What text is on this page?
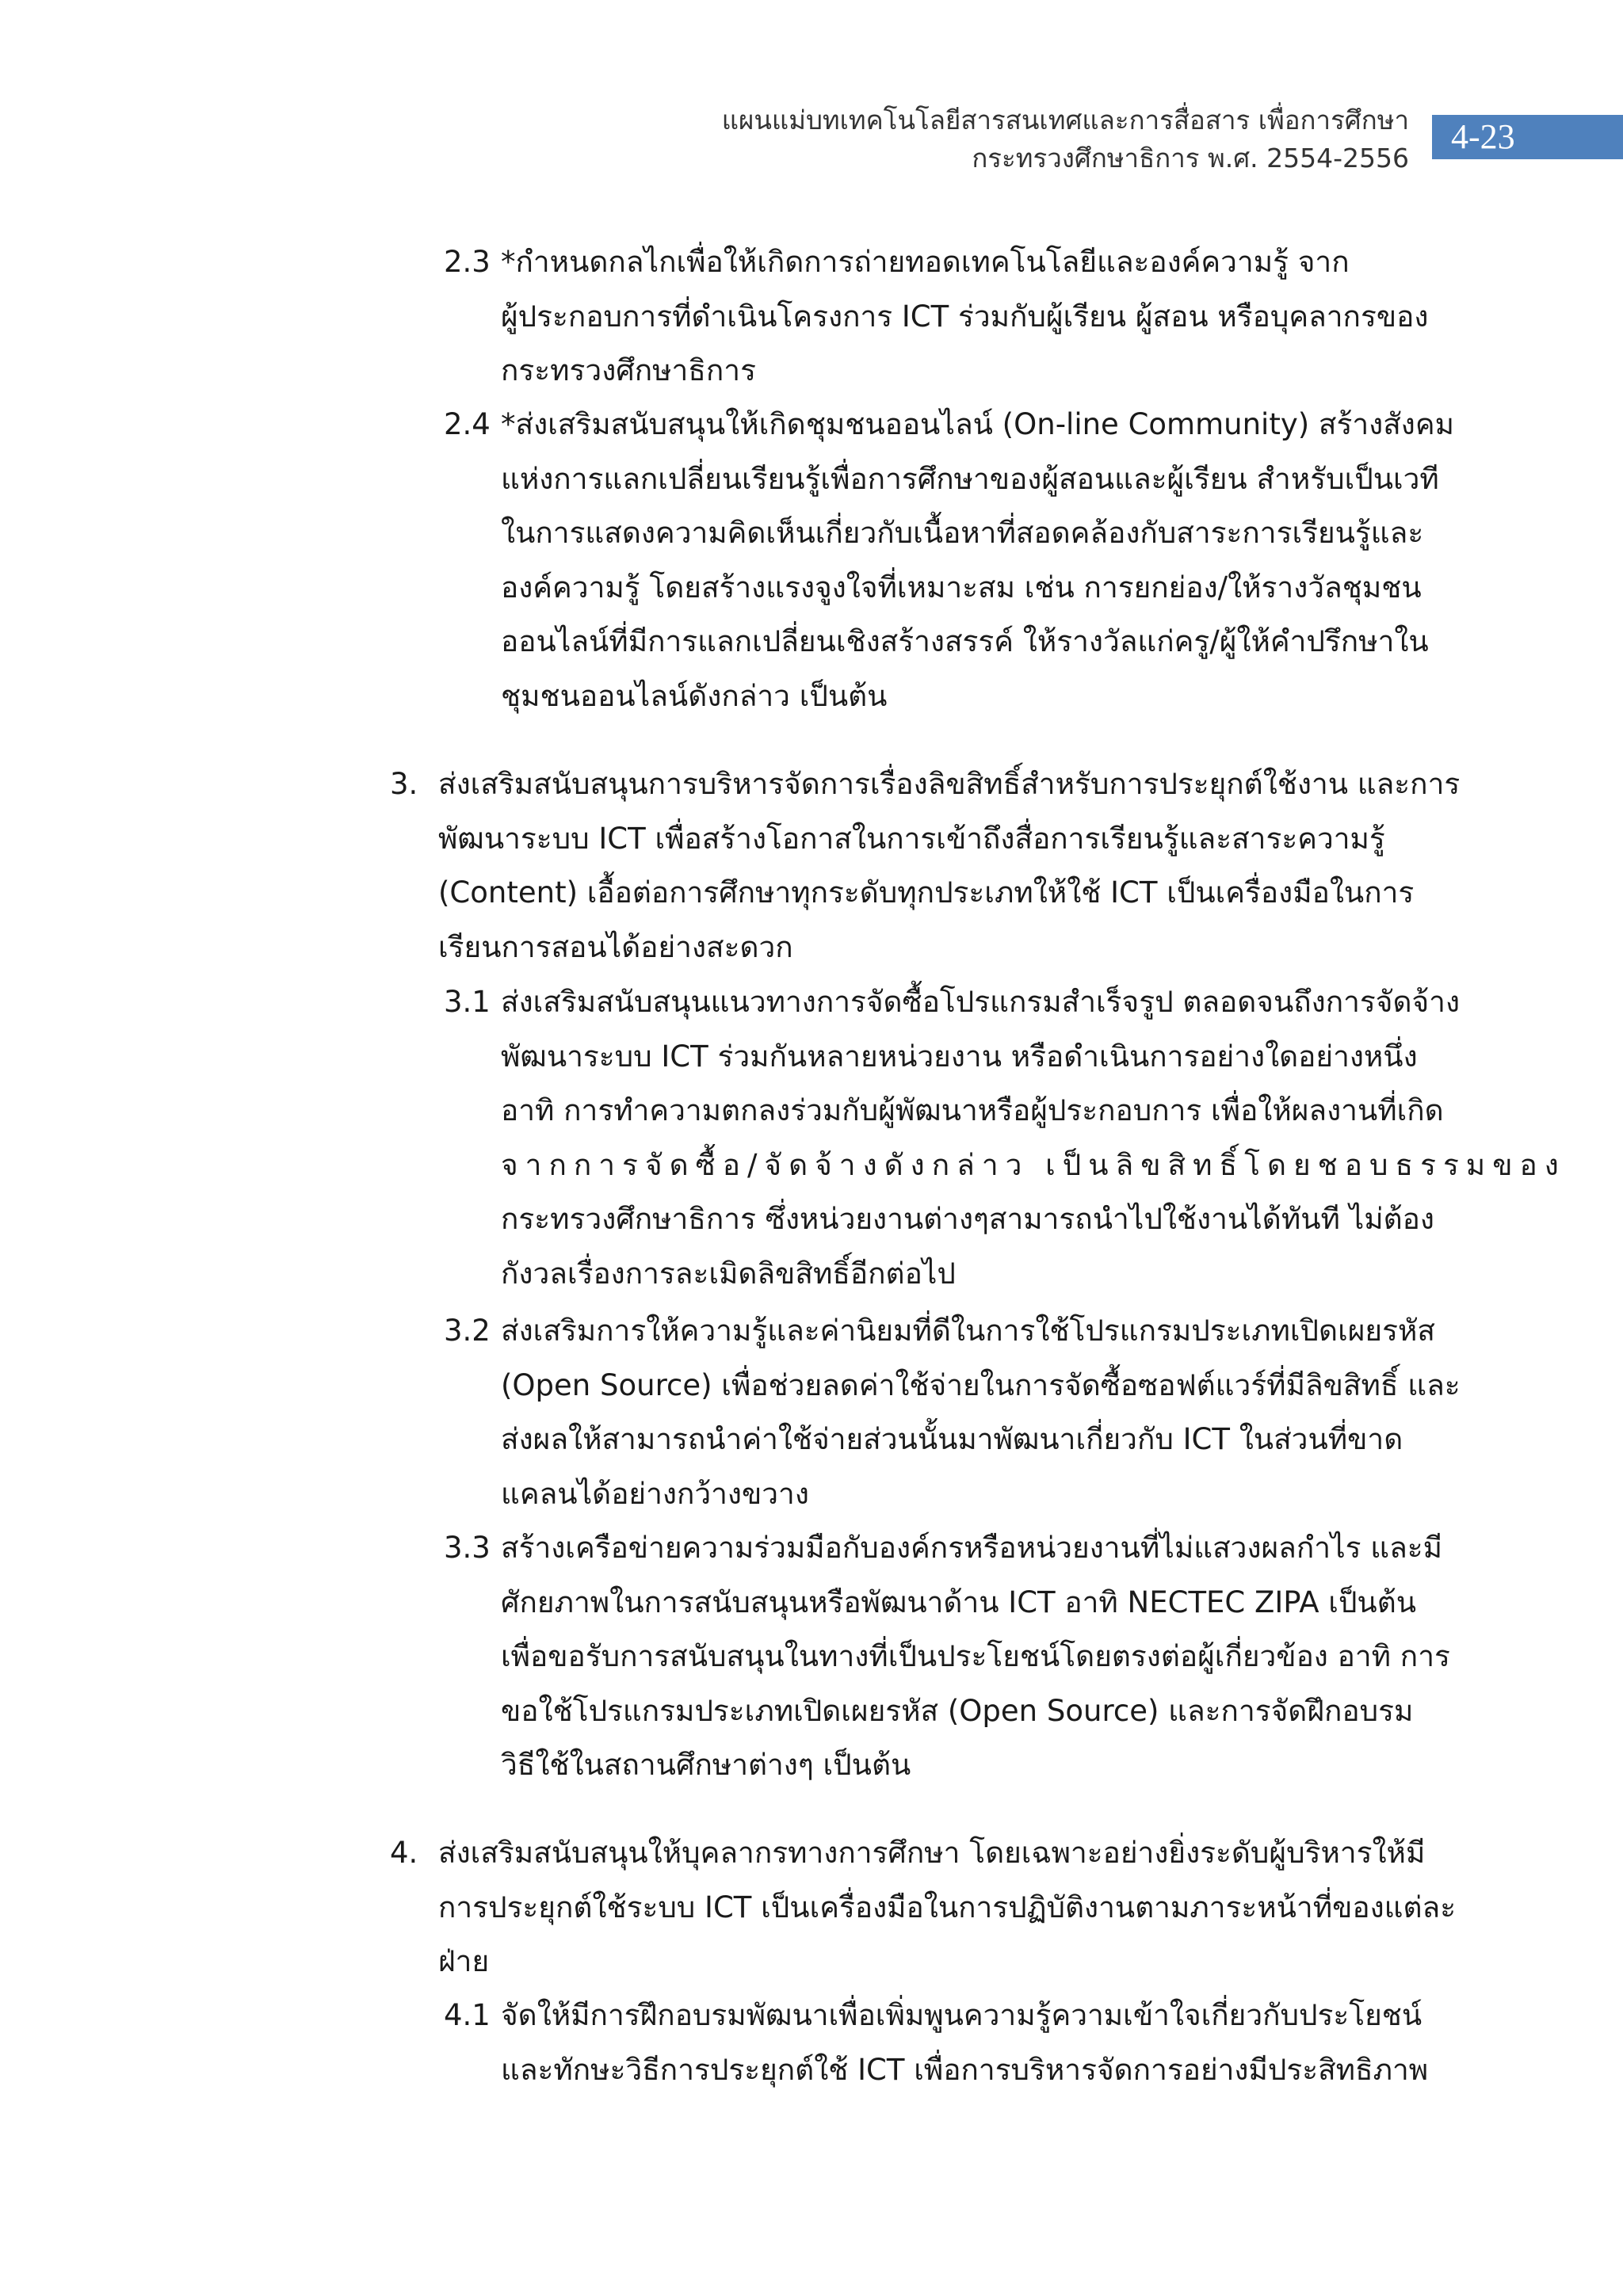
แผนแม่บทเทคโนโลยีสารสนเทศและการสื่อสาร เพื่อการศึกษา
กระทรวงศึกษาธิการ พ.ศ. 2554-2556
4-23
2.3 *กำหนดกลไกเพื่อให้เกิดการถ่ายทอดเทคโนโลยีและองค์ความรู้ จาก
ผู้ประกอบการที่ดำเนินโครงการ ICT ร่วมกับผู้เรียน ผู้สอน หรือบุคลากรของ
กระทรวงศึกษาธิการ
2.4 *ส่งเสริมสนับสนุนให้เกิดชุมชนออนไลน์ (On-line Community) สร้างสังคม
แห่งการแลกเปลี่ยนเรียนรู้เพื่อการศึกษาของผู้สอนและผู้เรียน สำหรับเป็นเวที
ในการแสดงความคิดเห็นเกี่ยวกับเนื้อหาที่สอดคล้องกับสาระการเรียนรู้และ
องค์ความรู้ โดยสร้างแรงจูงใจที่เหมาะสม เช่น การยกย่อง/ให้รางวัลชุมชน
ออนไลน์ที่มีการแลกเปลี่ยนเชิงสร้างสรรค์ ให้รางวัลแก่ครู/ผู้ให้คำปรึกษาใน
ชุมชนออนไลน์ดังกล่าว เป็นต้น
3. ส่งเสริมสนับสนุนการบริหารจัดการเรื่องลิขสิทธิ์สำหรับการประยุกต์ใช้งาน และการ
พัฒนาระบบ ICT เพื่อสร้างโอกาสในการเข้าถึงสื่อการเรียนรู้และสาระความรู้
(Content) เอื้อต่อการศึกษาทุกระดับทุกประเภทให้ใช้ ICT เป็นเครื่องมือในการ
เรียนการสอนได้อย่างสะดวก
3.1 ส่งเสริมสนับสนุนแนวทางการจัดซื้อโปรแกรมสำเร็จรูป ตลอดจนถึงการจัดจ้าง
พัฒนาระบบ ICT ร่วมกันหลายหน่วยงาน หรือดำเนินการอย่างใดอย่างหนึ่ง
อาทิ การทำความตกลงร่วมกับผู้พัฒนาหรือผู้ประกอบการ เพื่อให้ผลงานที่เกิด
จากการจัดซื้อ/จัดจ้างดังกล่าว เป็นลิขสิทธิ์โดยชอบธรรมของ
กระทรวงศึกษาธิการ ซึ่งหน่วยงานต่างๆสามารถนำไปใช้งานได้ทันที ไม่ต้อง
กังวลเรื่องการละเมิดลิขสิทธิ์อีกต่อไป
3.2 ส่งเสริมการให้ความรู้และค่านิยมที่ดีในการใช้โปรแกรมประเภทเปิดเผยรหัส
(Open Source) เพื่อช่วยลดค่าใช้จ่ายในการจัดซื้อซอฟต์แวร์ที่มีลิขสิทธิ์ และ
ส่งผลให้สามารถนำค่าใช้จ่ายส่วนนั้นมาพัฒนาเกี่ยวกับ ICT ในส่วนที่ขาด
แคลนได้อย่างกว้างขวาง
3.3 สร้างเครือข่ายความร่วมมือกับองค์กรหรือหน่วยงานที่ไม่แสวงผลกำไร และมี
ศักยภาพในการสนับสนุนหรือพัฒนาด้าน ICT อาทิ NECTEC ZIPA เป็นต้น
เพื่อขอรับการสนับสนุนในทางที่เป็นประโยชน์โดยตรงต่อผู้เกี่ยวข้อง อาทิ การ
ขอใช้โปรแกรมประเภทเปิดเผยรหัส (Open Source) และการจัดฝึกอบรม
วิธีใช้ในสถานศึกษาต่างๆ เป็นต้น
4. ส่งเสริมสนับสนุนให้บุคลากรทางการศึกษา โดยเฉพาะอย่างยิ่งระดับผู้บริหารให้มี
การประยุกต์ใช้ระบบ ICT เป็นเครื่องมือในการปฏิบัติงานตามภาระหน้าที่ของแต่ละ
ฝ่าย
4.1 จัดให้มีการฝึกอบรมพัฒนาเพื่อเพิ่มพูนความรู้ความเข้าใจเกี่ยวกับประโยชน์
และทักษะวิธีการประยุกต์ใช้ ICT เพื่อการบริหารจัดการอย่างมีประสิทธิภาพ
